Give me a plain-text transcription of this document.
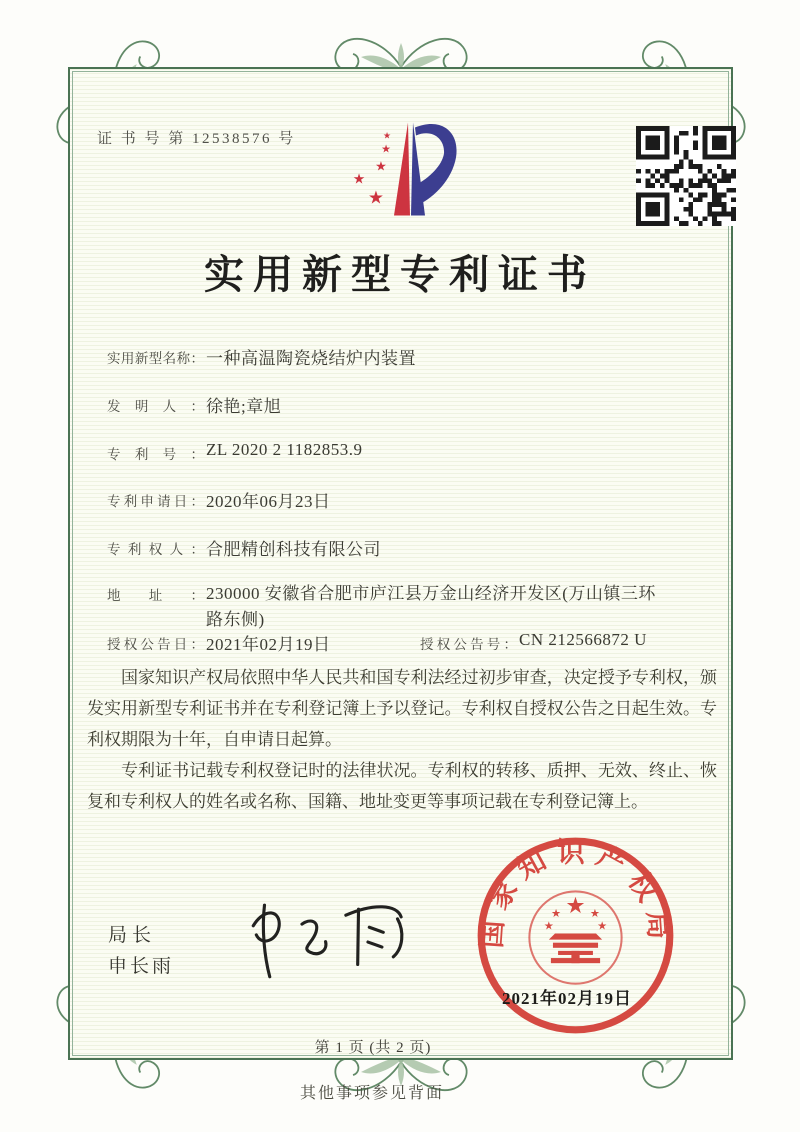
证 书 号 第 12538576 号	★
★
★
★
★
实用新型专利证书
实用新型名称： 一种高温陶瓷烧结炉内装置
发明人： 徐艳;章旭
专利号： ZL 2020 2 1182853.9
专利申请日： 2020年06月23日
专利权人： 合肥精创科技有限公司
地址： 230000 安徽省合肥市庐江县万金山经济开发区(万山镇三环路东侧)
授权公告日： 2021年02月19日	授权公告号： CN 212566872 U

国家知识产权局依照中华人民共和国专利法经过初步审查，决定授予专利权，颁发实用新型专利证书并在专利登记簿上予以登记。专利权自授权公告之日起生效。专利权期限为十年，自申请日起算。

专利证书记载专利权登记时的法律状况。专利权的转移、质押、无效、终止、恢复和专利权人的姓名或名称、国籍、地址变更等事项记载在专利登记簿上。

局长
申长雨
国家知识产权局
★
★	★
★	★
2021年02月19日
第 1 页 (共 2 页)
其他事项参见背面
